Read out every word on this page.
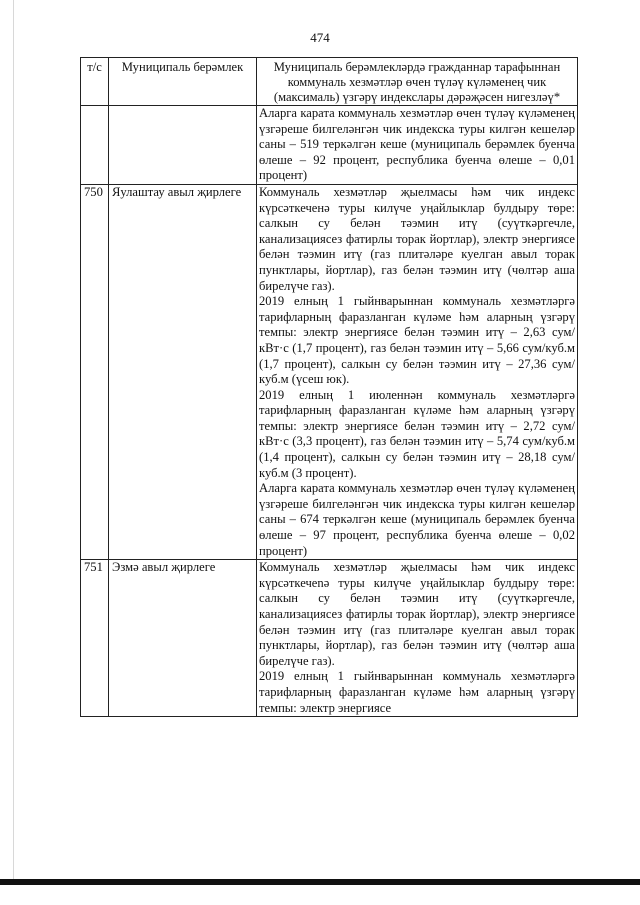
474
т/с	Муниципаль берәмлек	Муниципаль берәмлекләрдә гражданнар тарафыннан коммуналь хезмәтләр өчен түләү күләменең чик (максималь) үзгәрү индекслары дәрәҗәсен нигезләү*

		Аларга карата коммуналь хезмәтләр өчен түләү күләменең үзгәреше билгеләнгән чик индекска туры килгән кешеләр саны – 519 теркәлгән кеше (муниципаль берәмлек буенча өлеше – 92 процент, республика буенча өлеше – 0,01 процент)

750	Яулаштау авыл җирлеге	Коммуналь хезмәтләр җыелмасы һәм чик индекс күрсәткеченә туры килүче уңайлыклар булдыру төре: салкын су белән тәэмин итү (суүткәргечле, канализациясез фатирлы торак йортлар), электр энергиясе белән тәэмин итү (газ плитәләре куелган авыл торак пунктлары, йортлар), газ белән тәэмин итү (чөлтәр аша бирелүче газ).
2019 елның 1 гыйнварыннан коммуналь хезмәтләргә тарифларның фаразланган күләме һәм аларның үзгәрү темпы: электр энергиясе белән тәэмин итү – 2,63 сум/кВт·с (1,7 процент), газ белән тәэмин итү – 5,66 сум/куб.м (1,7 процент), салкын су белән тәэмин итү – 27,36 сум/куб.м (үсеш юк).
2019 елның 1 июленнән коммуналь хезмәтләргә тарифларның фаразланган күләме һәм аларның үзгәрү темпы: электр энергиясе белән тәэмин итү – 2,72 сум/кВт·с (3,3 процент), газ белән тәэмин итү – 5,74 сум/куб.м (1,4 процент), салкын су белән тәэмин итү – 28,18 сум/куб.м (3 процент).
Аларга карата коммуналь хезмәтләр өчен түләү күләменең үзгәреше билгеләнгән чик индекска туры килгән кешеләр саны – 674 теркәлгән кеше (муниципаль берәмлек буенча өлеше – 97 процент, республика буенча өлеше – 0,02 процент)

751	Эзмә авыл җирлеге	Коммуналь хезмәтләр җыелмасы һәм чик индекс күрсәткечenә туры килүче уңайлыклар булдыру төре: салкын су белән тәэмин итү (суүткәргечле, канализациясез фатирлы торак йортлар), электр энергиясе белән тәэмин итү (газ плитәләре куелган авыл торак пунктлары, йортлар), газ белән тәэмин итү (чөлтәр аша бирелүче газ).
2019 елның 1 гыйнварыннан коммуналь хезмәтләргә тарифларның фаразланган күләме һәм аларның үзгәрү темпы: электр энергиясе
